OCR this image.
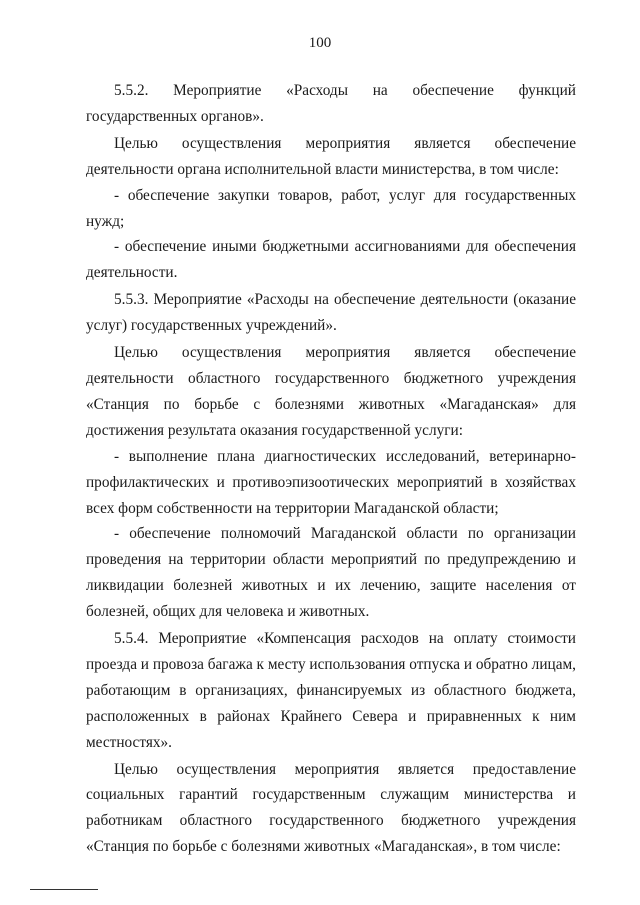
100

5.5.2. Мероприятие «Расходы на обеспечение функций государственных органов».

Целью осуществления мероприятия является обеспечение деятельности органа исполнительной власти министерства, в том числе:

- обеспечение закупки товаров, работ, услуг для государственных нужд;

- обеспечение иными бюджетными ассигнованиями для обеспечения деятельности.

5.5.3. Мероприятие «Расходы на обеспечение деятельности (оказание услуг) государственных учреждений».

Целью осуществления мероприятия является обеспечение деятельности областного государственного бюджетного учреждения «Станция по борьбе с болезнями животных «Магаданская» для достижения результата оказания государственной услуги:

- выполнение плана диагностических исследований, ветеринарно-профилактических и противоэпизоотических мероприятий в хозяйствах всех форм собственности на территории Магаданской области;

- обеспечение полномочий Магаданской области по организации проведения на территории области мероприятий по предупреждению и ликвидации болезней животных и их лечению, защите населения от болезней, общих для человека и животных.

5.5.4. Мероприятие «Компенсация расходов на оплату стоимости проезда и провоза багажа к месту использования отпуска и обратно лицам, работающим в организациях, финансируемых из областного бюджета, расположенных в районах Крайнего Севера и приравненных к ним местностях».

Целью осуществления мероприятия является предоставление социальных гарантий государственным служащим министерства и работникам областного государственного бюджетного учреждения «Станция по борьбе с болезнями животных «Магаданская», в том числе:
